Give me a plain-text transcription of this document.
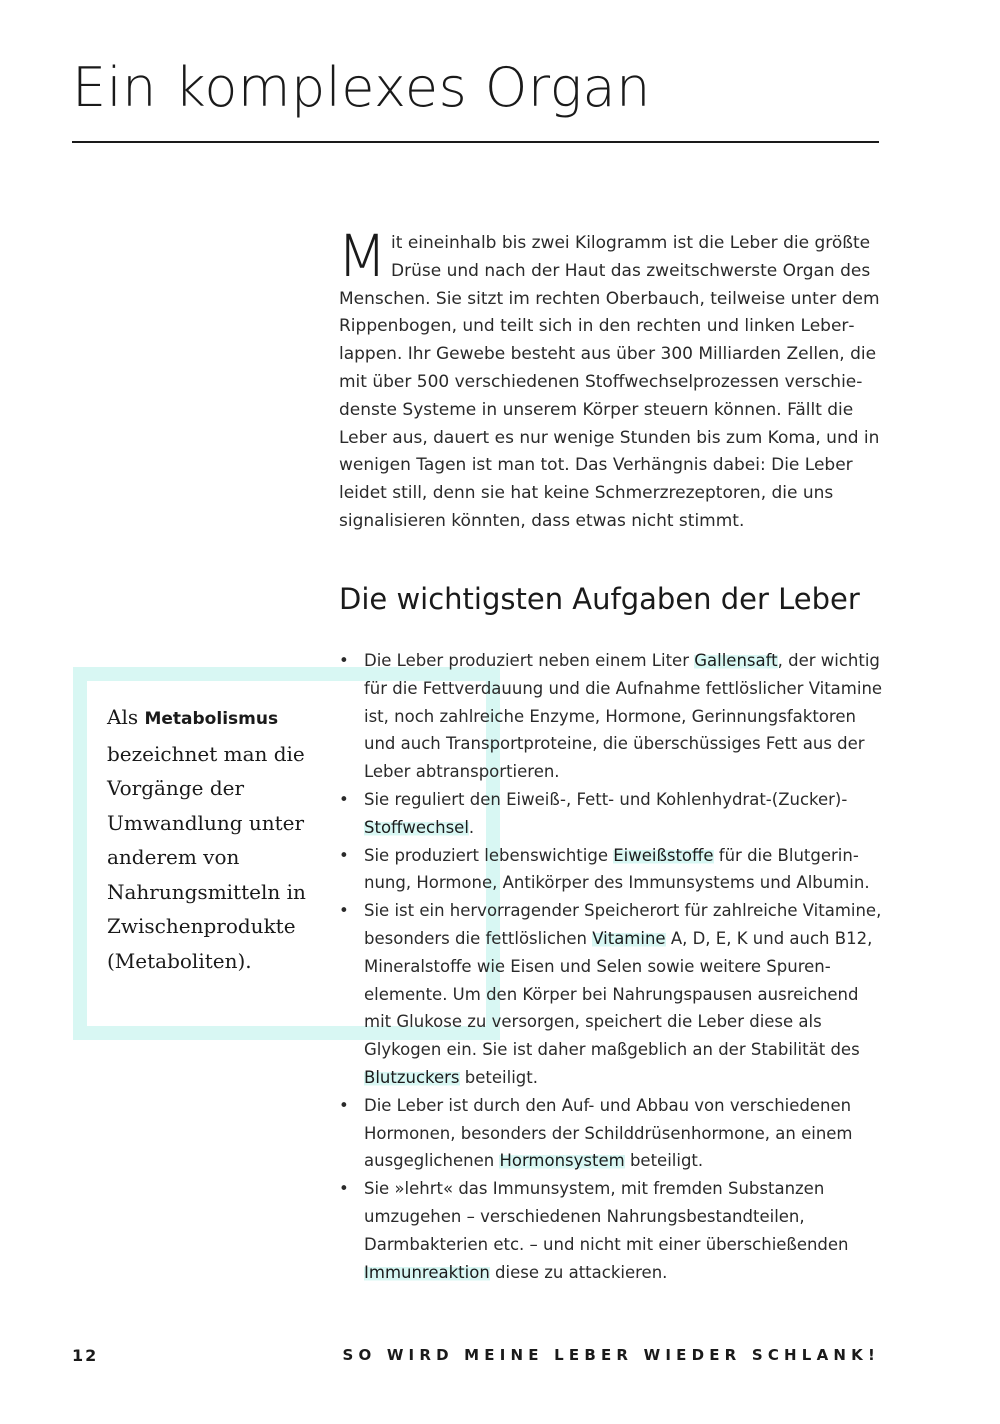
Ein komplexes Organ

Mit eineinhalb bis zwei Kilogramm ist die Leber die größte Drüse und nach der Haut das zweitschwerste Organ des Menschen. Sie sitzt im rechten Oberbauch, teilweise unter dem Rippenbogen, und teilt sich in den rechten und linken Leberlappen. Ihr Gewebe besteht aus über 300 Milliarden Zellen, die mit über 500 verschiedenen Stoffwechselprozessen verschiedenste Systeme in unserem Körper steuern können. Fällt die Leber aus, dauert es nur wenige Stunden bis zum Koma, und in wenigen Tagen ist man tot. Das Verhängnis dabei: Die Leber leidet still, denn sie hat keine Schmerzrezeptoren, die uns signalisieren könnten, dass etwas nicht stimmt.

Die wichtigsten Aufgaben der Leber

Als Metabolismus bezeichnet man die Vorgänge der Umwandlung unter anderem von Nahrungsmitteln in Zwischenprodukte (Metaboliten).

• Die Leber produziert neben einem Liter Gallensaft, der wichtig für die Fettverdauung und die Aufnahme fettlöslicher Vitamine ist, noch zahlreiche Enzyme, Hormone, Gerinnungsfaktoren und auch Transportproteine, die überschüssiges Fett aus der Leber abtransportieren.
• Sie reguliert den Eiweiß-, Fett- und Kohlenhydrat-(Zucker)-Stoffwechsel.
• Sie produziert lebenswichtige Eiweißstoffe für die Blutgerinnung, Hormone, Antikörper des Immunsystems und Albumin.
• Sie ist ein hervorragender Speicherort für zahlreiche Vitamine, besonders die fettlöslichen Vitamine A, D, E, K und auch B12, Mineralstoffe wie Eisen und Selen sowie weitere Spurenelemente. Um den Körper bei Nahrungspausen ausreichend mit Glukose zu versorgen, speichert die Leber diese als Glykogen ein. Sie ist daher maßgeblich an der Stabilität des Blutzuckers beteiligt.
• Die Leber ist durch den Auf- und Abbau von verschiedenen Hormonen, besonders der Schilddrüsenhormone, an einem ausgeglichenen Hormonsystem beteiligt.
• Sie »lehrt« das Immunsystem, mit fremden Substanzen umzugehen – verschiedenen Nahrungsbestandteilen, Darmbakterien etc. – und nicht mit einer überschießenden Immunreaktion diese zu attackieren.
12	SO WIRD MEINE LEBER WIEDER SCHLANK!
